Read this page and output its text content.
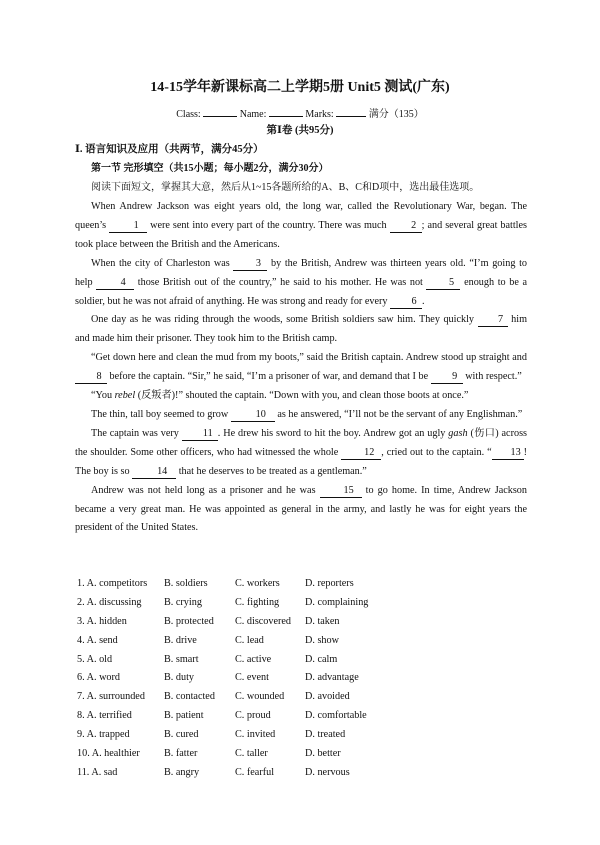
14-15学年新课标高二上学期5册 Unit5 测试(广东)
Class:	Name:	Marks:	满分（135）
第Ⅰ卷 (共95分)
Ⅰ. 语言知识及应用（共两节，满分45分）
第一节 完形填空（共15小题；每小题2分，满分30分）
阅读下面短文，掌握其大意，然后从1~15各题所给的A、B、C和D项中，选出最佳选项。

When Andrew Jackson was eight years old, the long war, called the Revolutionary War, began. The queen’s 1 were sent into every part of the country. There was much 2 ; and several great battles took place between the British and the Americans.

When the city of Charleston was 3 by the British, Andrew was thirteen years old. “I’m going to help 4 those British out of the country,” he said to his mother. He was not 5 enough to be a soldier, but he was not afraid of anything. He was strong and ready for every 6 .

One day as he was riding through the woods, some British soldiers saw him. They quickly 7 him and made him their prisoner. They took him to the British camp.

“Get down here and clean the mud from my boots,” said the British captain. Andrew stood up straight and 8 before the captain. “Sir,” he said, “I’m a prisoner of war, and demand that I be 9 with respect.”

“You rebel (反叛者)!” shouted the captain. “Down with you, and clean those boots at once.”

The thin, tall boy seemed to grow 10 as he answered, “I’ll not be the servant of any Englishman.”

The captain was very 11 . He drew his sword to hit the boy. Andrew got an ugly gash (伤口) across the shoulder. Some other officers, who had witnessed the whole 12 , cried out to the captain. “ 13 ! The boy is so 14 that he deserves to be treated as a gentleman.”

Andrew was not held long as a prisoner and he was 15 to go home. In time, Andrew Jackson became a very great man. He was appointed as general in the army, and lastly he was for eight years the president of the United States.

1. A. competitors B. soldiers	C. workers D. reporters
2. A. discussing B. crying	C. fighting	D. complaining
3. A. hidden	B. protected C. discovered D. taken
4. A. send	B. drive	C. lead	D. show
5. A. old	B. smart	C. active	D. calm
6. A. word	B. duty	C. event	D. advantage
7. A. surrounded B. contacted C. wounded D. avoided
8. A. terrified	B. patient	C. proud	D. comfortable
9. A. trapped	B. cured	C. invited	D. treated
10. A. healthier B. fatter	C. taller	D. better
11. A. sad	B. angry	C. fearful	D. nervous
